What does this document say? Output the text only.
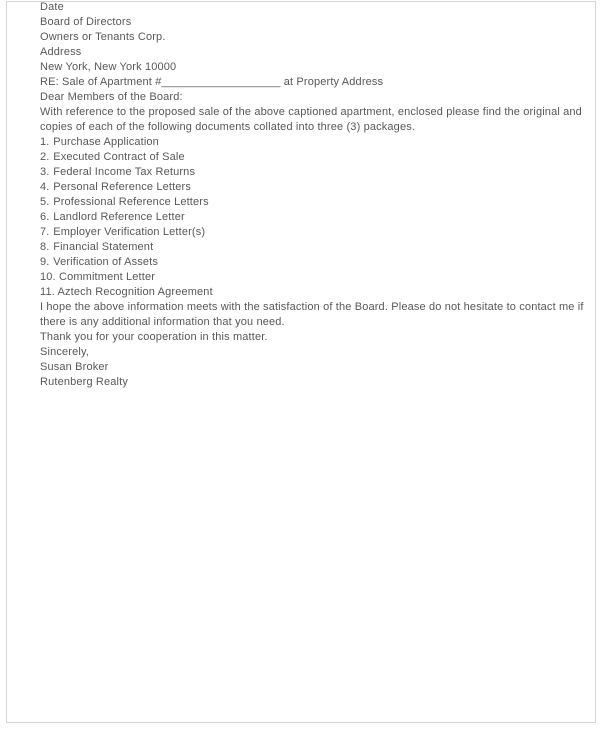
Date
Board of Directors
Owners or Tenants Corp.
Address
New York, New York 10000
RE: Sale of Apartment #___________________ at Property Address
Dear Members of the Board:
With reference to the proposed sale of the above captioned apartment, enclosed please find the original and
copies of each of the following documents collated into three (3) packages.
1. Purchase Application
2. Executed Contract of Sale
3. Federal Income Tax Returns
4. Personal Reference Letters
5. Professional Reference Letters
6. Landlord Reference Letter
7. Employer Verification Letter(s)
8. Financial Statement
9. Verification of Assets
10. Commitment Letter
11. Aztech Recognition Agreement
I hope the above information meets with the satisfaction of the Board. Please do not hesitate to contact me if
there is any additional information that you need.
Thank you for your cooperation in this matter.
Sincerely,
Susan Broker
Rutenberg Realty
